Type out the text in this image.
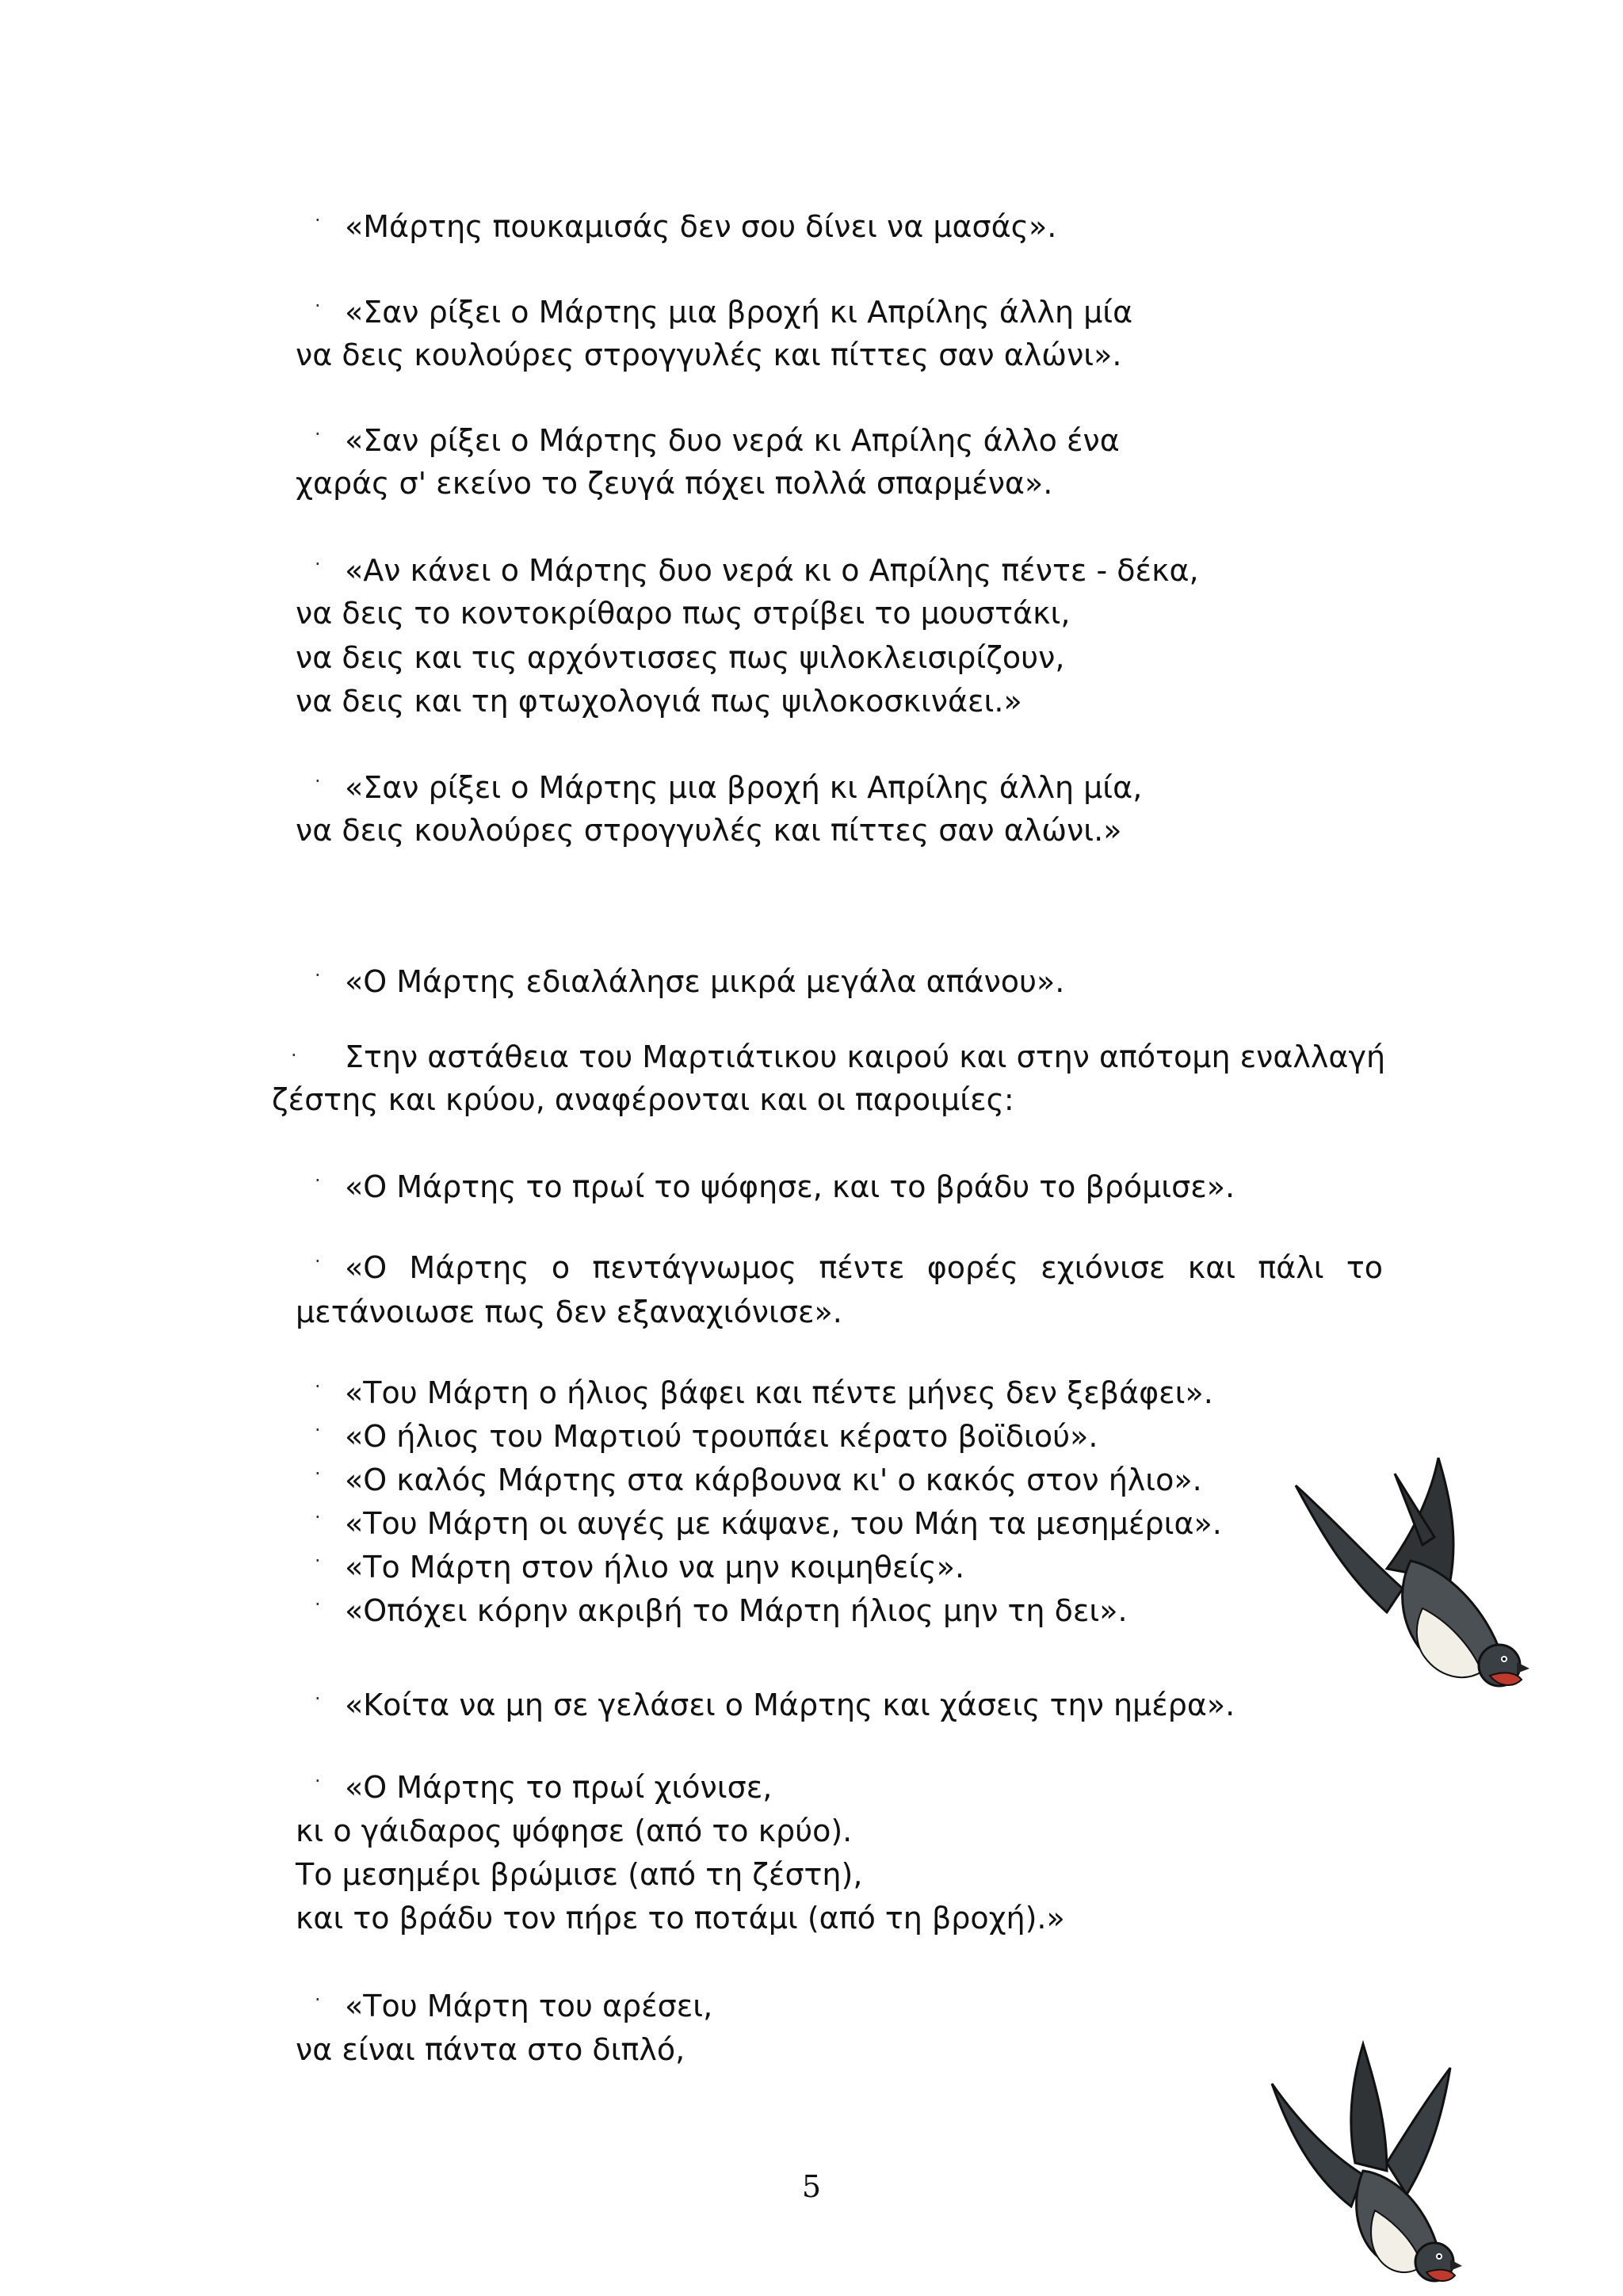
· «Μάρτης πουκαμισάς δεν σου δίνει να μασάς».
· «Σαν ρίξει ο Μάρτης μια βροχή κι Απρίλης άλλη μία
να δεις κουλούρες στρογγυλές και πίττες σαν αλώνι».
· «Σαν ρίξει ο Μάρτης δυο νερά κι Απρίλης άλλο ένα
χαράς σ' εκείνο το ζευγά πόχει πολλά σπαρμένα».
· «Αν κάνει ο Μάρτης δυο νερά κι ο Απρίλης πέντε - δέκα,
να δεις το κοντοκρίθαρο πως στρίβει το μουστάκι,
να δεις και τις αρχόντισσες πως ψιλοκλεισιρίζουν,
να δεις και τη φτωχολογιά πως ψιλοκοσκινάει.»
· «Σαν ρίξει ο Μάρτης μια βροχή κι Απρίλης άλλη μία,
να δεις κουλούρες στρογγυλές και πίττες σαν αλώνι.»
· «Ο Μάρτης εδιαλάλησε μικρά μεγάλα απάνου».
· Στην αστάθεια του Μαρτιάτικου καιρού και στην απότομη εναλλαγή
ζέστης και κρύου, αναφέρονται και οι παροιμίες:
· «Ο Μάρτης το πρωί το ψόφησε, και το βράδυ το βρόμισε».
· «Ο Μάρτης ο πεντάγνωμος πέντε φορές εχιόνισε και πάλι το
μετάνοιωσε πως δεν εξαναχιόνισε».
· «Του Μάρτη ο ήλιος βάφει και πέντε μήνες δεν ξεβάφει».
· «Ο ήλιος του Μαρτιού τρουπάει κέρατο βοϊδιού».
· «Ο καλός Μάρτης στα κάρβουνα κι' ο κακός στον ήλιο».
· «Του Μάρτη οι αυγές με κάψανε, του Μάη τα μεσημέρια».
· «Το Μάρτη στον ήλιο να μην κοιμηθείς».
· «Οπόχει κόρην ακριβή το Μάρτη ήλιος μην τη δει».
· «Κοίτα να μη σε γελάσει ο Μάρτης και χάσεις την ημέρα».
· «Ο Μάρτης το πρωί χιόνισε,
κι ο γάιδαρος ψόφησε (από το κρύο).
Το μεσημέρι βρώμισε (από τη ζέστη),
και το βράδυ τον πήρε το ποτάμι (από τη βροχή).»
· «Του Μάρτη του αρέσει,
να είναι πάντα στο διπλό,
5
